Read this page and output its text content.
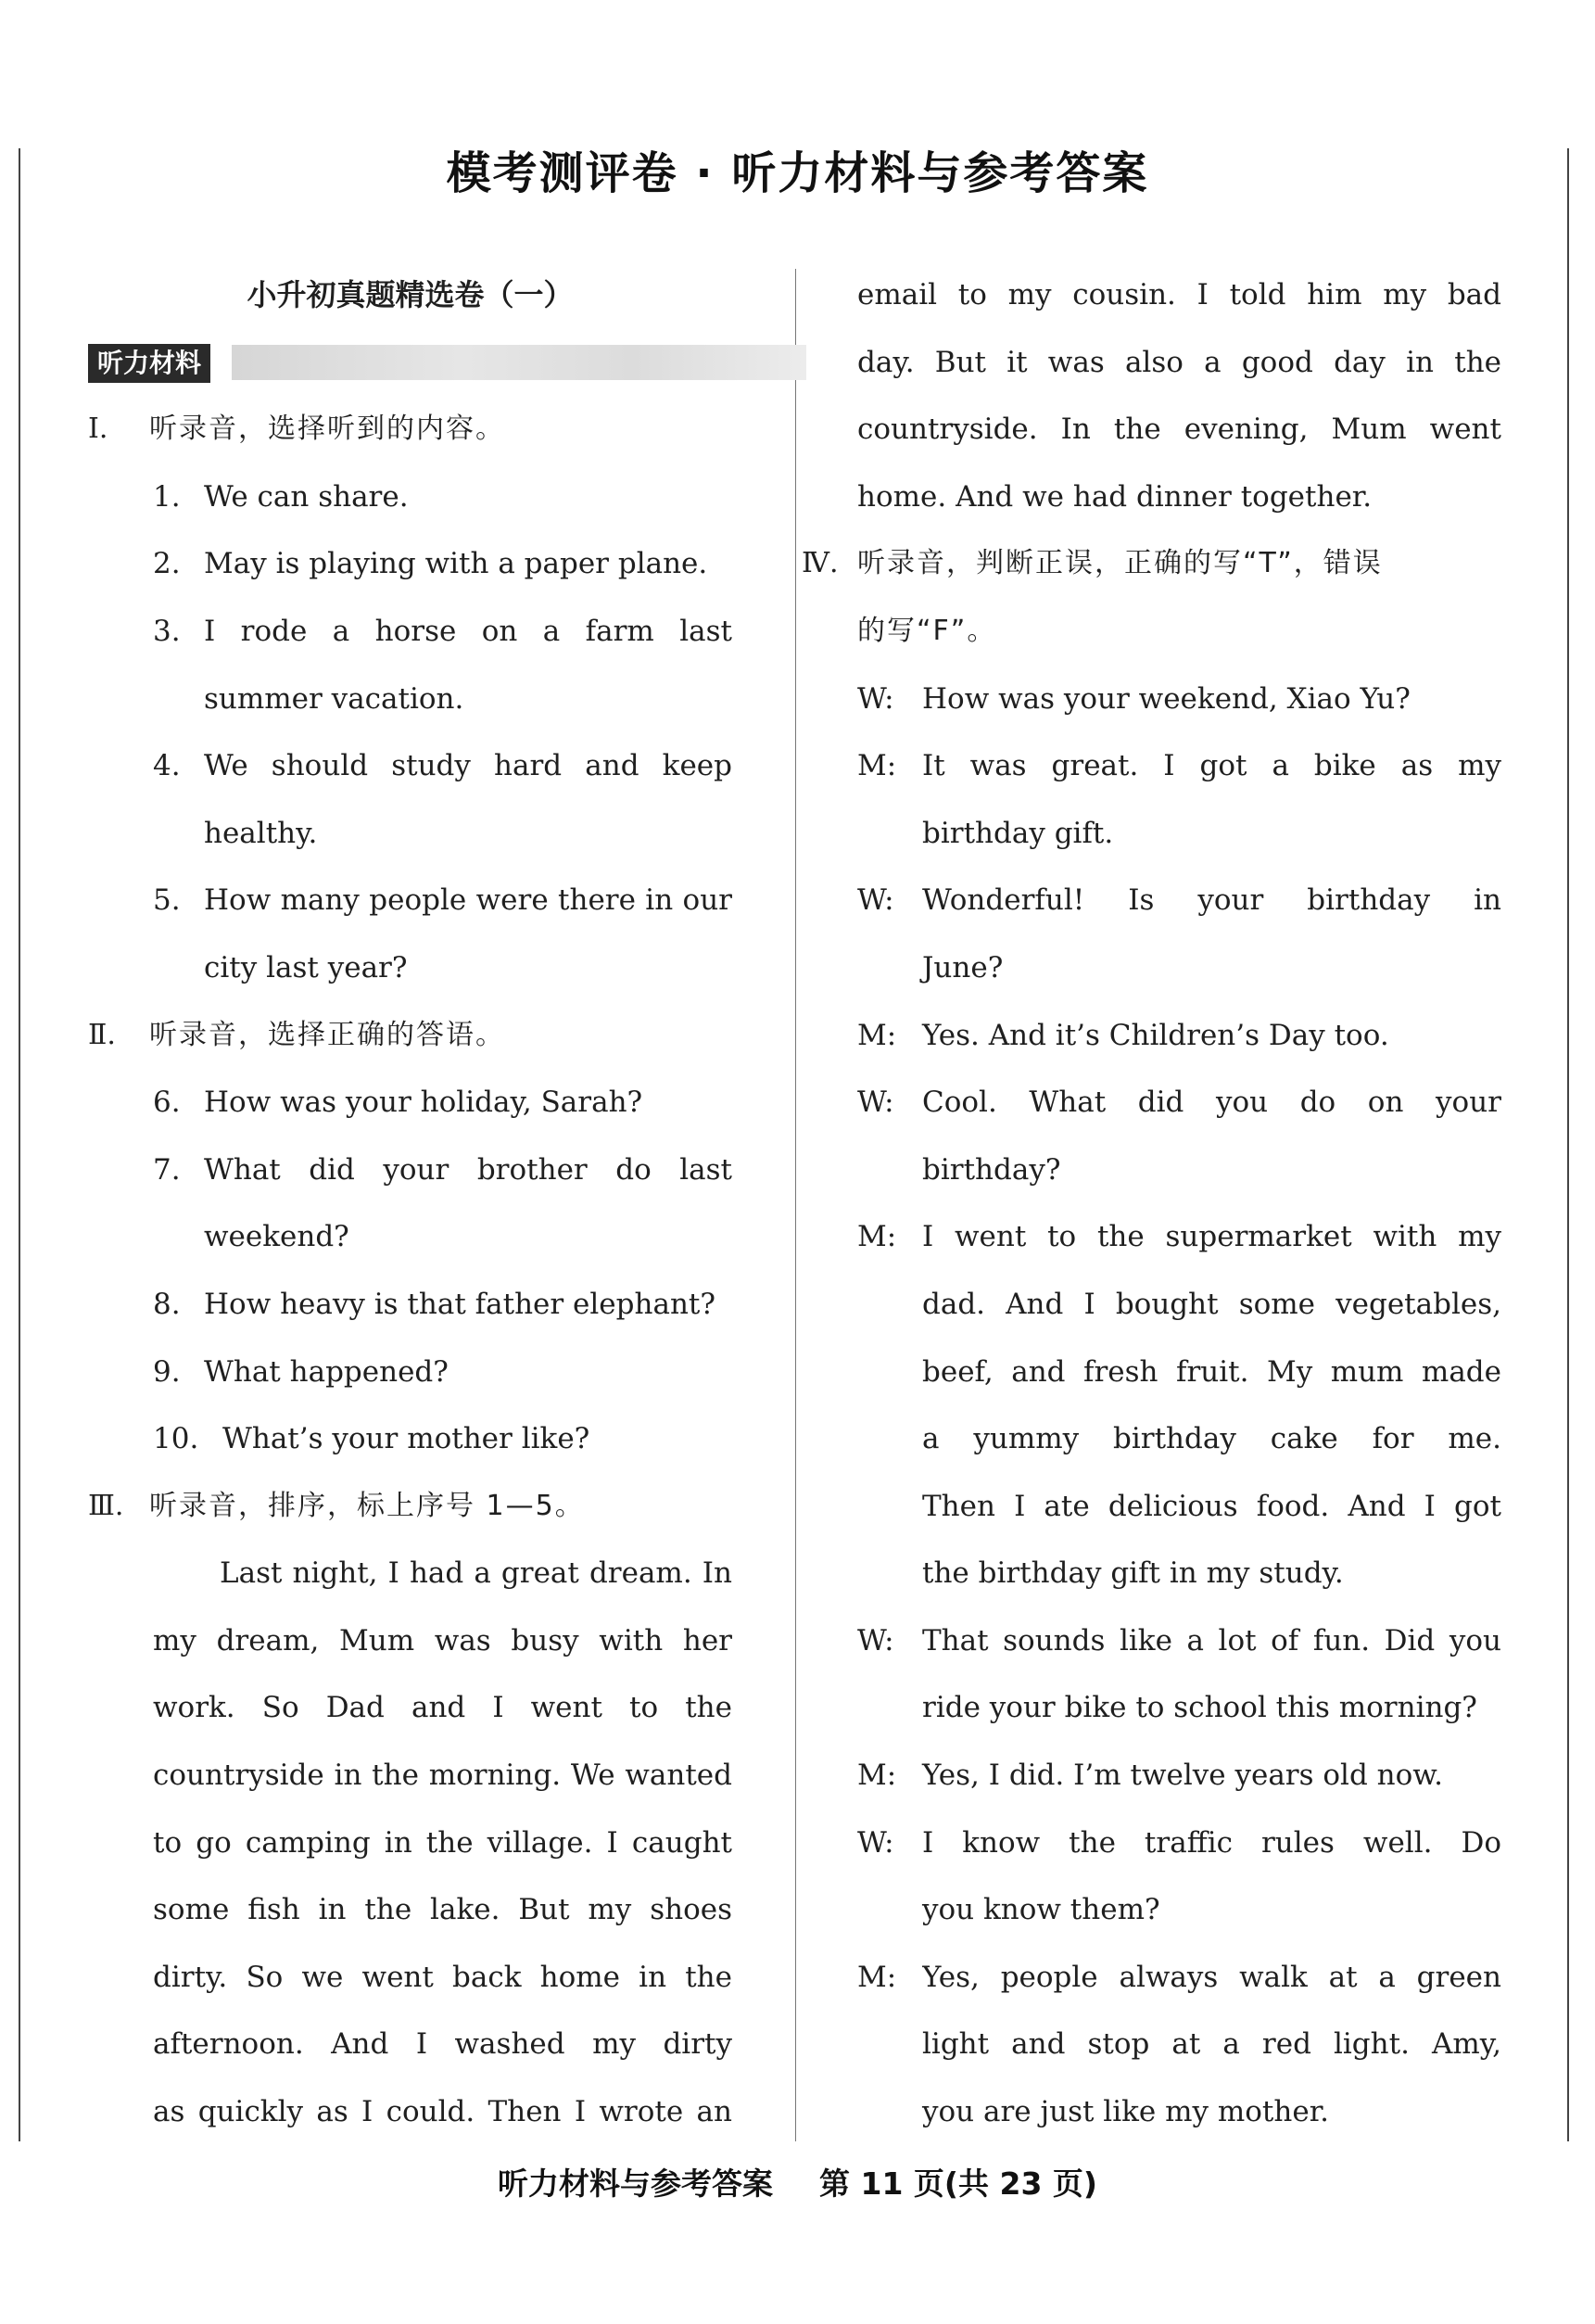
模考测评卷 · 听力材料与参考答案
小升初真题精选卷（一）
听力材料
Ⅰ. 听录音，选择听到的内容。
1. We can share.
2. May is playing with a paper plane.
3. I rode a horse on a farm last
summer vacation.
4. We should study hard and keep
healthy.
5. How many people were there in our
city last year?
Ⅱ. 听录音，选择正确的答语。
6. How was your holiday, Sarah?
7. What did your brother do last
weekend?
8. How heavy is that father elephant?
9. What happened?
10. What’s your mother like?
Ⅲ. 听录音，排序，标上序号 1—5。
Last night, I had a great dream. In
my dream, Mum was busy with her
work. So Dad and I went to the
countryside in the morning. We wanted
to go camping in the village. I caught
some fish in the lake. But my shoes
dirty. So we went back home in the
afternoon. And I washed my dirty
as quickly as I could. Then I wrote an
email to my cousin. I told him my bad
day. But it was also a good day in the
countryside. In the evening, Mum went
home. And we had dinner together.
Ⅳ. 听录音，判断正误，正确的写“T”，错误
的写“F”。
W: How was your weekend, Xiao Yu?
M: It was great. I got a bike as my
birthday gift.
W: Wonderful! Is your birthday in
June?
M: Yes. And it’s Children’s Day too.
W: Cool. What did you do on your
birthday?
M: I went to the supermarket with my
dad. And I bought some vegetables,
beef, and fresh fruit. My mum made
a yummy birthday cake for me.
Then I ate delicious food. And I got
the birthday gift in my study.
W: That sounds like a lot of fun. Did you
ride your bike to school this morning?
M: Yes, I did. I’m twelve years old now.
W: I know the traffic rules well. Do
you know them?
M: Yes, people always walk at a green
light and stop at a red light. Amy,
you are just like my mother.
听力材料与参考答案 第 11 页(共 23 页)
